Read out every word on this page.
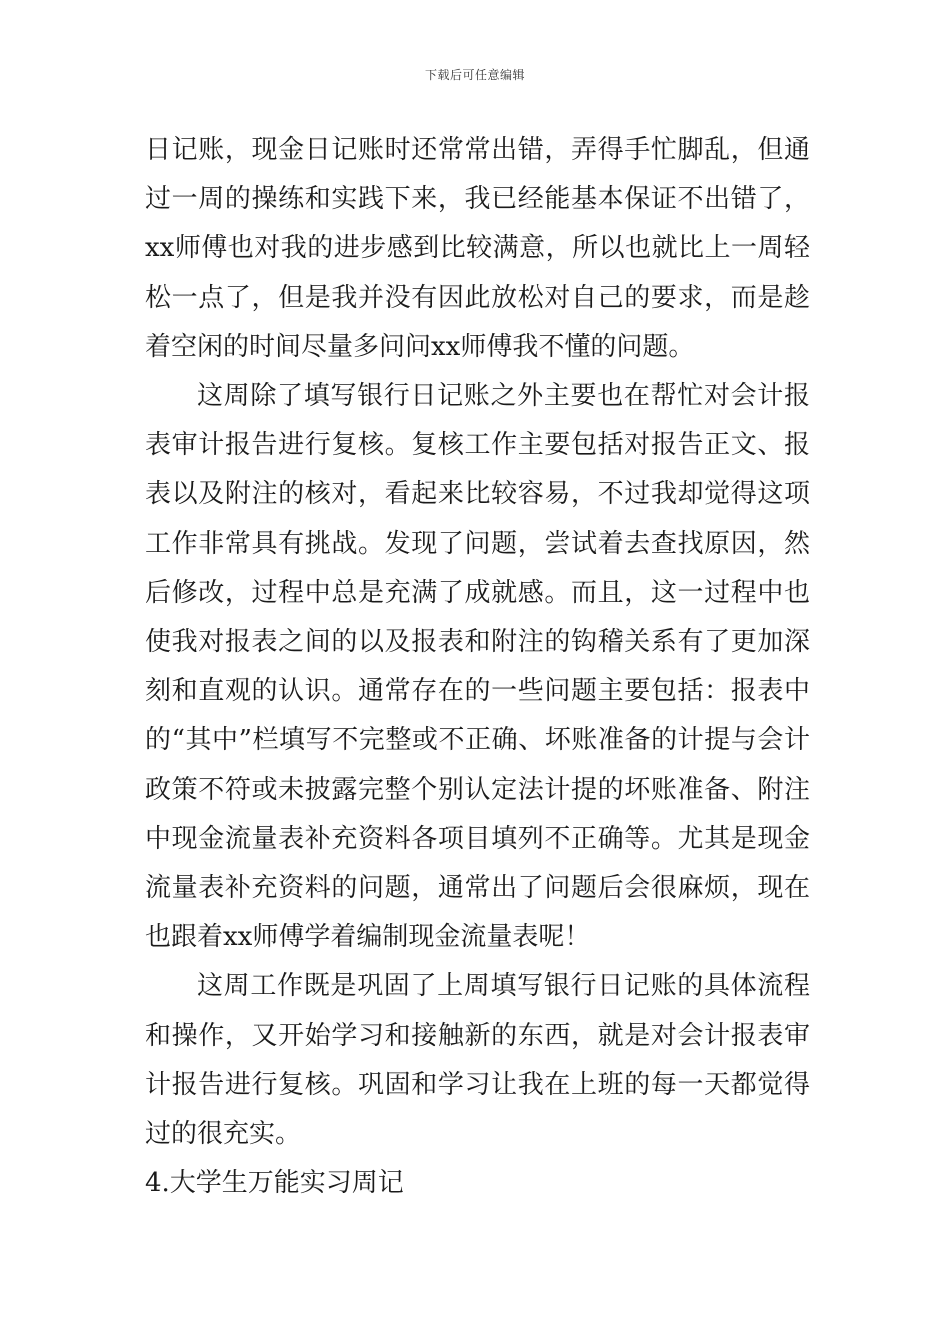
下载后可任意编辑

日记账，现金日记账时还常常出错，弄得手忙脚乱，但通过一周的操练和实践下来，我已经能基本保证不出错了，xx师傅也对我的进步感到比较满意，所以也就比上一周轻松一点了，但是我并没有因此放松对自己的要求，而是趁着空闲的时间尽量多问问xx师傅我不懂的问题。

这周除了填写银行日记账之外主要也在帮忙对会计报表审计报告进行复核。复核工作主要包括对报告正文、报表以及附注的核对，看起来比较容易，不过我却觉得这项工作非常具有挑战。发现了问题，尝试着去查找原因，然后修改，过程中总是充满了成就感。而且，这一过程中也使我对报表之间的以及报表和附注的钩稽关系有了更加深刻和直观的认识。通常存在的一些问题主要包括：报表中的“其中”栏填写不完整或不正确、坏账准备的计提与会计政策不符或未披露完整个别认定法计提的坏账准备、附注中现金流量表补充资料各项目填列不正确等。尤其是现金流量表补充资料的问题，通常出了问题后会很麻烦，现在也跟着xx师傅学着编制现金流量表呢！

这周工作既是巩固了上周填写银行日记账的具体流程和操作，又开始学习和接触新的东西，就是对会计报表审计报告进行复核。巩固和学习让我在上班的每一天都觉得过的很充实。

4.大学生万能实习周记
